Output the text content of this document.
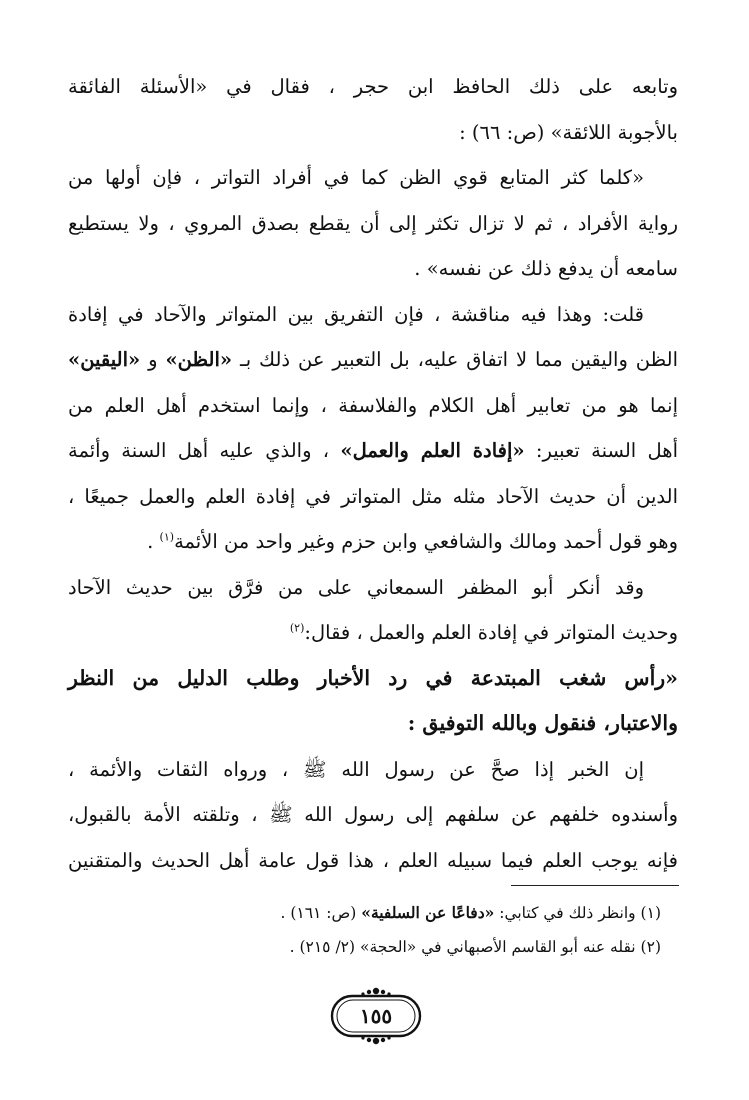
وتابعه على ذلك الحافظ ابن حجر ، فقال في «الأسئلة الفائقة
بالأجوبة اللائقة» (ص: ٦٦) :
«كلما كثر المتابع قوي الظن كما في أفراد التواتر ، فإن أولها من
رواية الأفراد ، ثم لا تزال تكثر إلى أن يقطع بصدق المروي ، ولا يستطيع
سامعه أن يدفع ذلك عن نفسه» .
قلت: وهذا فيه مناقشة ، فإن التفريق بين المتواتر والآحاد في إفادة
الظن واليقين مما لا اتفاق عليه، بل التعبير عن ذلك بـ «الظن» و «اليقين»
إنما هو من تعابير أهل الكلام والفلاسفة ، وإنما استخدم أهل العلم من
أهل السنة تعبير: «إفادة العلم والعمل» ، والذي عليه أهل السنة وأئمة
الدين أن حديث الآحاد مثله مثل المتواتر في إفادة العلم والعمل جميعًا ،
وهو قول أحمد ومالك والشافعي وابن حزم وغير واحد من الأئمة$^{(١)}$ .
وقد أنكر أبو المظفر السمعاني على من فرَّق بين حديث الآحاد
وحديث المتواتر في إفادة العلم والعمل ، فقال:$^{(٢)}$
«رأس شغب المبتدعة في رد الأخبار وطلب الدليل من النظر
والاعتبار، فنقول وبالله التوفيق :
إن الخبر إذا صحَّ عن رسول الله ﷺ ، ورواه الثقات والأئمة ،
وأسندوه خلفهم عن سلفهم إلى رسول الله ﷺ ، وتلقته الأمة بالقبول،
فإنه يوجب العلم فيما سبيله العلم ، هذا قول عامة أهل الحديث والمتقنين
(١) وانظر ذلك في كتابي: «دفاعًا عن السلفية» (ص: ١٦١) .
(٢) نقله عنه أبو القاسم الأصبهاني في «الحجة» (٢/ ٢١٥) .
١٥٥
